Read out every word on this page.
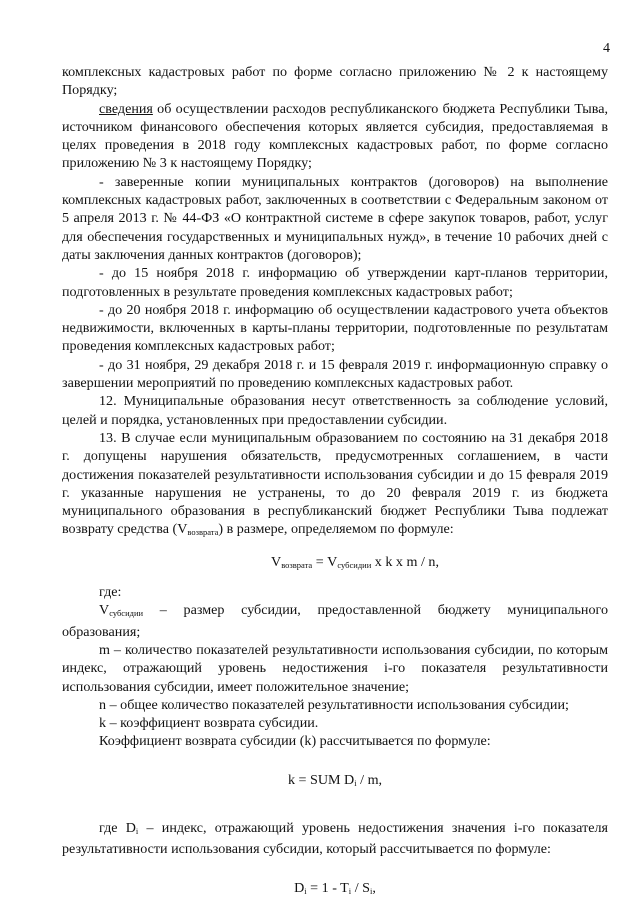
4

комплексных кадастровых работ по форме согласно приложению № 2 к настоящему Порядку;

сведения об осуществлении расходов республиканского бюджета Республики Тыва, источником финансового обеспечения которых является субсидия, предоставляемая в целях проведения в 2018 году комплексных кадастровых работ, по форме согласно приложению № 3 к настоящему Порядку;

- заверенные копии муниципальных контрактов (договоров) на выполнение комплексных кадастровых работ, заключенных в соответствии с Федеральным законом от 5 апреля 2013 г. № 44-ФЗ «О контрактной системе в сфере закупок товаров, работ, услуг для обеспечения государственных и муниципальных нужд», в течение 10 рабочих дней с даты заключения данных контрактов (договоров);

- до 15 ноября 2018 г. информацию об утверждении карт-планов территории, подготовленных в результате проведения комплексных кадастровых работ;

- до 20 ноября 2018 г. информацию об осуществлении кадастрового учета объектов недвижимости, включенных в карты-планы территории, подготовленные по результатам проведения комплексных кадастровых работ;

- до 31 ноября, 29 декабря 2018 г. и 15 февраля 2019 г. информационную справку о завершении мероприятий по проведению комплексных кадастровых работ.

12. Муниципальные образования несут ответственность за соблюдение условий, целей и порядка, установленных при предоставлении субсидии.

13. В случае если муниципальным образованием по состоянию на 31 декабря 2018 г. допущены нарушения обязательств, предусмотренных соглашением, в части достижения показателей результативности использования субсидии и до 15 февраля 2019 г. указанные нарушения не устранены, то до 20 февраля 2019 г. из бюджета муниципального образования в республиканский бюджет Республики Тыва подлежат возврату средства $(V_{возврата})$ в размере, определяемом по формуле:

$V_{возврата} = V_{субсидии}$ x k x m / n,

где:

$V_{субсидии}$ – размер субсидии, предоставленной бюджету муниципального образования;

m – количество показателей результативности использования субсидии, по которым индекс, отражающий уровень недостижения i-го показателя результативности использования субсидии, имеет положительное значение;

n – общее количество показателей результативности использования субсидии;

k – коэффициент возврата субсидии.

Коэффициент возврата субсидии (k) рассчитывается по формуле:

k = SUM $D_i$ / m,

где $D_i$ – индекс, отражающий уровень недостижения значения i-го показателя результативности использования субсидии, который рассчитывается по формуле:

$D_i = 1 - T_i / S_i$,
